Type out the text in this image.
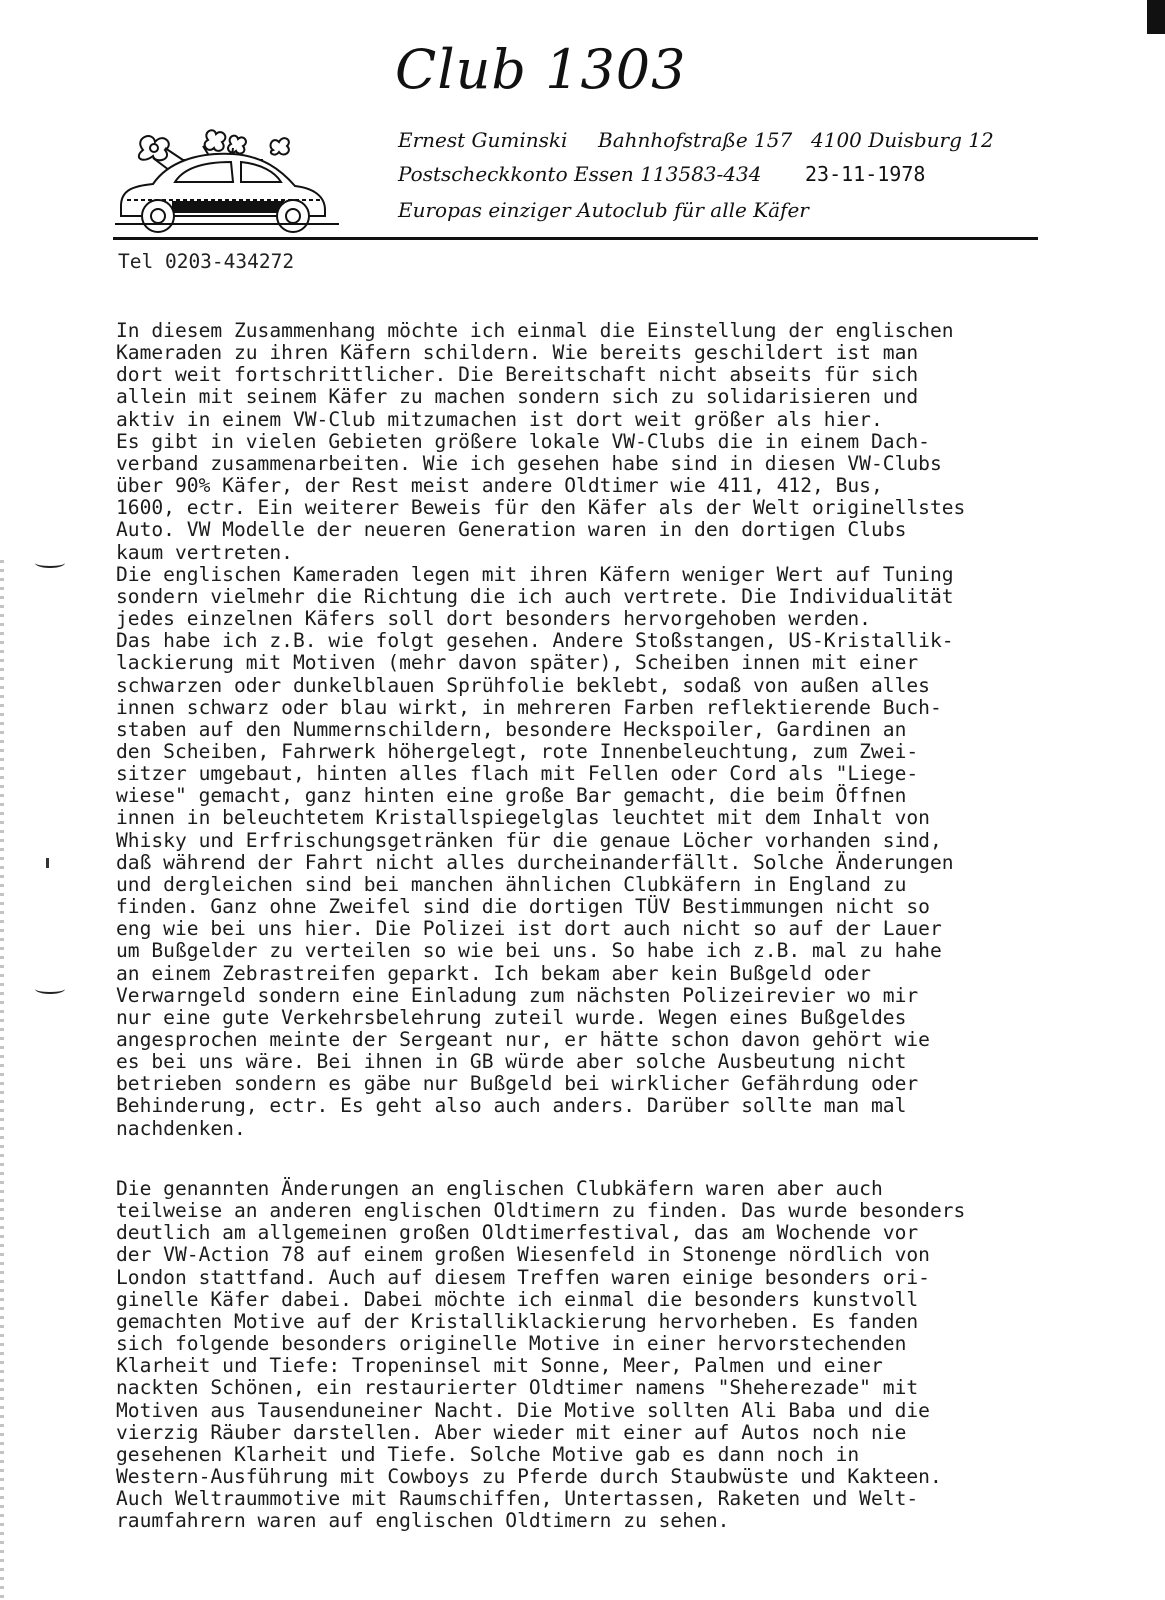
Club 1303
Ernest Guminski Bahnhofstraße 157 4100 Duisburg 12
Postscheckkonto Essen 113583-434 23-11-1978
Europas einziger Autoclub für alle Käfer
Tel 0203-434272
In diesem Zusammenhang möchte ich einmal die Einstellung der englischen
Kameraden zu ihren Käfern schildern. Wie bereits geschildert ist man
dort weit fortschrittlicher. Die Bereitschaft nicht abseits für sich
allein mit seinem Käfer zu machen sondern sich zu solidarisieren und
aktiv in einem VW-Club mitzumachen ist dort weit größer als hier.
Es gibt in vielen Gebieten größere lokale VW-Clubs die in einem Dach-
verband zusammenarbeiten. Wie ich gesehen habe sind in diesen VW-Clubs
über 90% Käfer, der Rest meist andere Oldtimer wie 411, 412, Bus,
1600, ectr. Ein weiterer Beweis für den Käfer als der Welt originellstes
Auto. VW Modelle der neueren Generation waren in den dortigen Clubs
kaum vertreten.
Die englischen Kameraden legen mit ihren Käfern weniger Wert auf Tuning
sondern vielmehr die Richtung die ich auch vertrete. Die Individualität
jedes einzelnen Käfers soll dort besonders hervorgehoben werden.
Das habe ich z.B. wie folgt gesehen. Andere Stoßstangen, US-Kristallik-
lackierung mit Motiven (mehr davon später), Scheiben innen mit einer
schwarzen oder dunkelblauen Sprühfolie beklebt, sodaß von außen alles
innen schwarz oder blau wirkt, in mehreren Farben reflektierende Buch-
staben auf den Nummernschildern, besondere Heckspoiler, Gardinen an
den Scheiben, Fahrwerk höhergelegt, rote Innenbeleuchtung, zum Zwei-
sitzer umgebaut, hinten alles flach mit Fellen oder Cord als "Liege-
wiese" gemacht, ganz hinten eine große Bar gemacht, die beim Öffnen
innen in beleuchtetem Kristallspiegelglas leuchtet mit dem Inhalt von
Whisky und Erfrischungsgetränken für die genaue Löcher vorhanden sind,
daß während der Fahrt nicht alles durcheinanderfällt. Solche Änderungen
und dergleichen sind bei manchen ähnlichen Clubkäfern in England zu
finden. Ganz ohne Zweifel sind die dortigen TÜV Bestimmungen nicht so
eng wie bei uns hier. Die Polizei ist dort auch nicht so auf der Lauer
um Bußgelder zu verteilen so wie bei uns. So habe ich z.B. mal zu hahe
an einem Zebrastreifen geparkt. Ich bekam aber kein Bußgeld oder
Verwarngeld sondern eine Einladung zum nächsten Polizeirevier wo mir
nur eine gute Verkehrsbelehrung zuteil wurde. Wegen eines Bußgeldes
angesprochen meinte der Sergeant nur, er hätte schon davon gehört wie
es bei uns wäre. Bei ihnen in GB würde aber solche Ausbeutung nicht
betrieben sondern es gäbe nur Bußgeld bei wirklicher Gefährdung oder
Behinderung, ectr. Es geht also auch anders. Darüber sollte man mal
nachdenken.
Die genannten Änderungen an englischen Clubkäfern waren aber auch
teilweise an anderen englischen Oldtimern zu finden. Das wurde besonders
deutlich am allgemeinen großen Oldtimerfestival, das am Wochende vor
der VW-Action 78 auf einem großen Wiesenfeld in Stonenge nördlich von
London stattfand. Auch auf diesem Treffen waren einige besonders ori-
ginelle Käfer dabei. Dabei möchte ich einmal die besonders kunstvoll
gemachten Motive auf der Kristalliklackierung hervorheben. Es fanden
sich folgende besonders originelle Motive in einer hervorstechenden
Klarheit und Tiefe: Tropeninsel mit Sonne, Meer, Palmen und einer
nackten Schönen, ein restaurierter Oldtimer namens "Sheherezade" mit
Motiven aus Tausenduneiner Nacht. Die Motive sollten Ali Baba und die
vierzig Räuber darstellen. Aber wieder mit einer auf Autos noch nie
gesehenen Klarheit und Tiefe. Solche Motive gab es dann noch in
Western-Ausführung mit Cowboys zu Pferde durch Staubwüste und Kakteen.
Auch Weltraummotive mit Raumschiffen, Untertassen, Raketen und Welt-
raumfahrern waren auf englischen Oldtimern zu sehen.
